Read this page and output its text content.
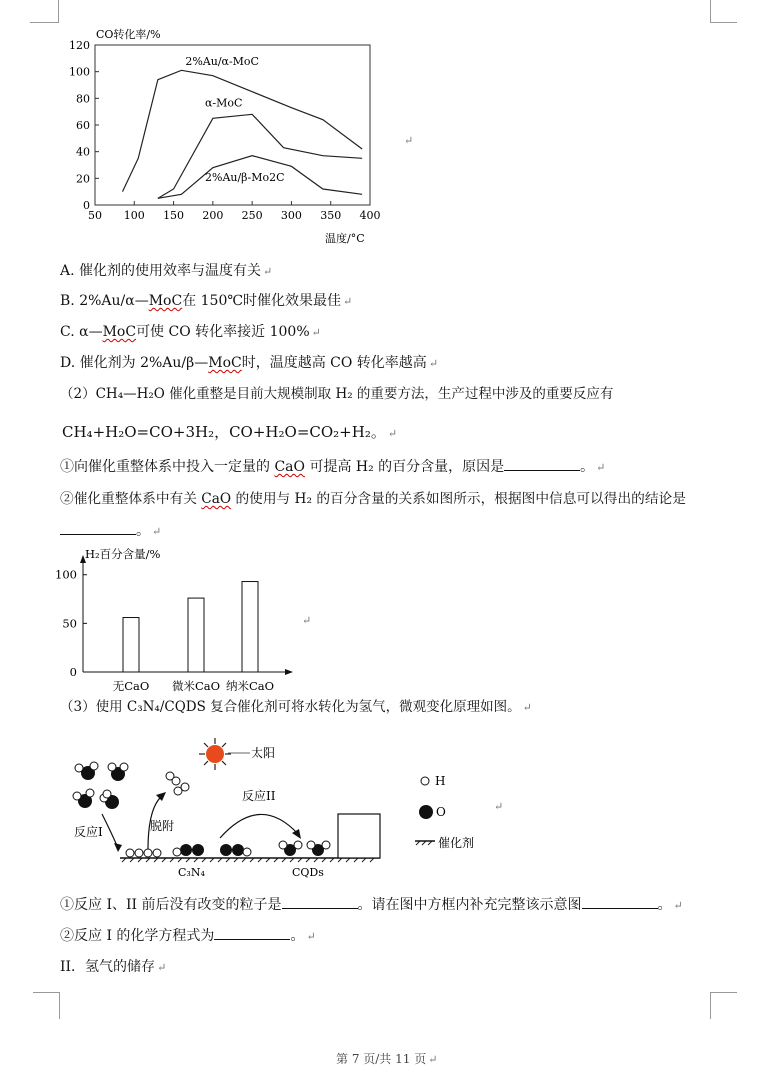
0
20
40
60
80
100
120
50 100 150 200 250 300 350 400
2%Au/α-MoC
α-MoC
2%Au/β-Mo2C
CO转化率/%
温度/°C
↵
A. 催化剂的使用效率与温度有关 ↵
B. 2%Au/α—MoC在 150℃时催化效果最佳 ↵
C. α—MoC可使 CO 转化率接近 100% ↵
D. 催化剂为 2%Au/β—MoC时，温度越高 CO 转化率越高 ↵
（2）CH₄—H₂O 催化重整是目前大规模制取 H₂ 的重要方法，生产过程中涉及的重要反应有
CH₄+H₂O=CO+3H₂，CO+H₂O=CO₂+H₂。 ↵
①向催化重整体系中投入一定量的 CaO 可提高 H₂ 的百分含量，原因是	。 ↵
②催化重整体系中有关 CaO 的使用与 H₂ 的百分含量的关系如图所示，根据图中信息可以得出的结论是
。 ↵
0
50
100
无CaO 微米CaO 纳米CaO
H₂百分含量/%
↵
（3）使用 C₃N₄/CQDS 复合催化剂可将水转化为氢气，微观变化原理如图。 ↵
太阳
反应I	脱附
反应II
C₃N₄	CQDs
H
O
催化剂
↵
①反应 I、II 前后没有改变的粒子是	。请在图中方框内补充完整该示意图	。 ↵
②反应 I 的化学方程式为	。 ↵
II．氢气的储存 ↵
第 7 页/共 11 页 ↵
